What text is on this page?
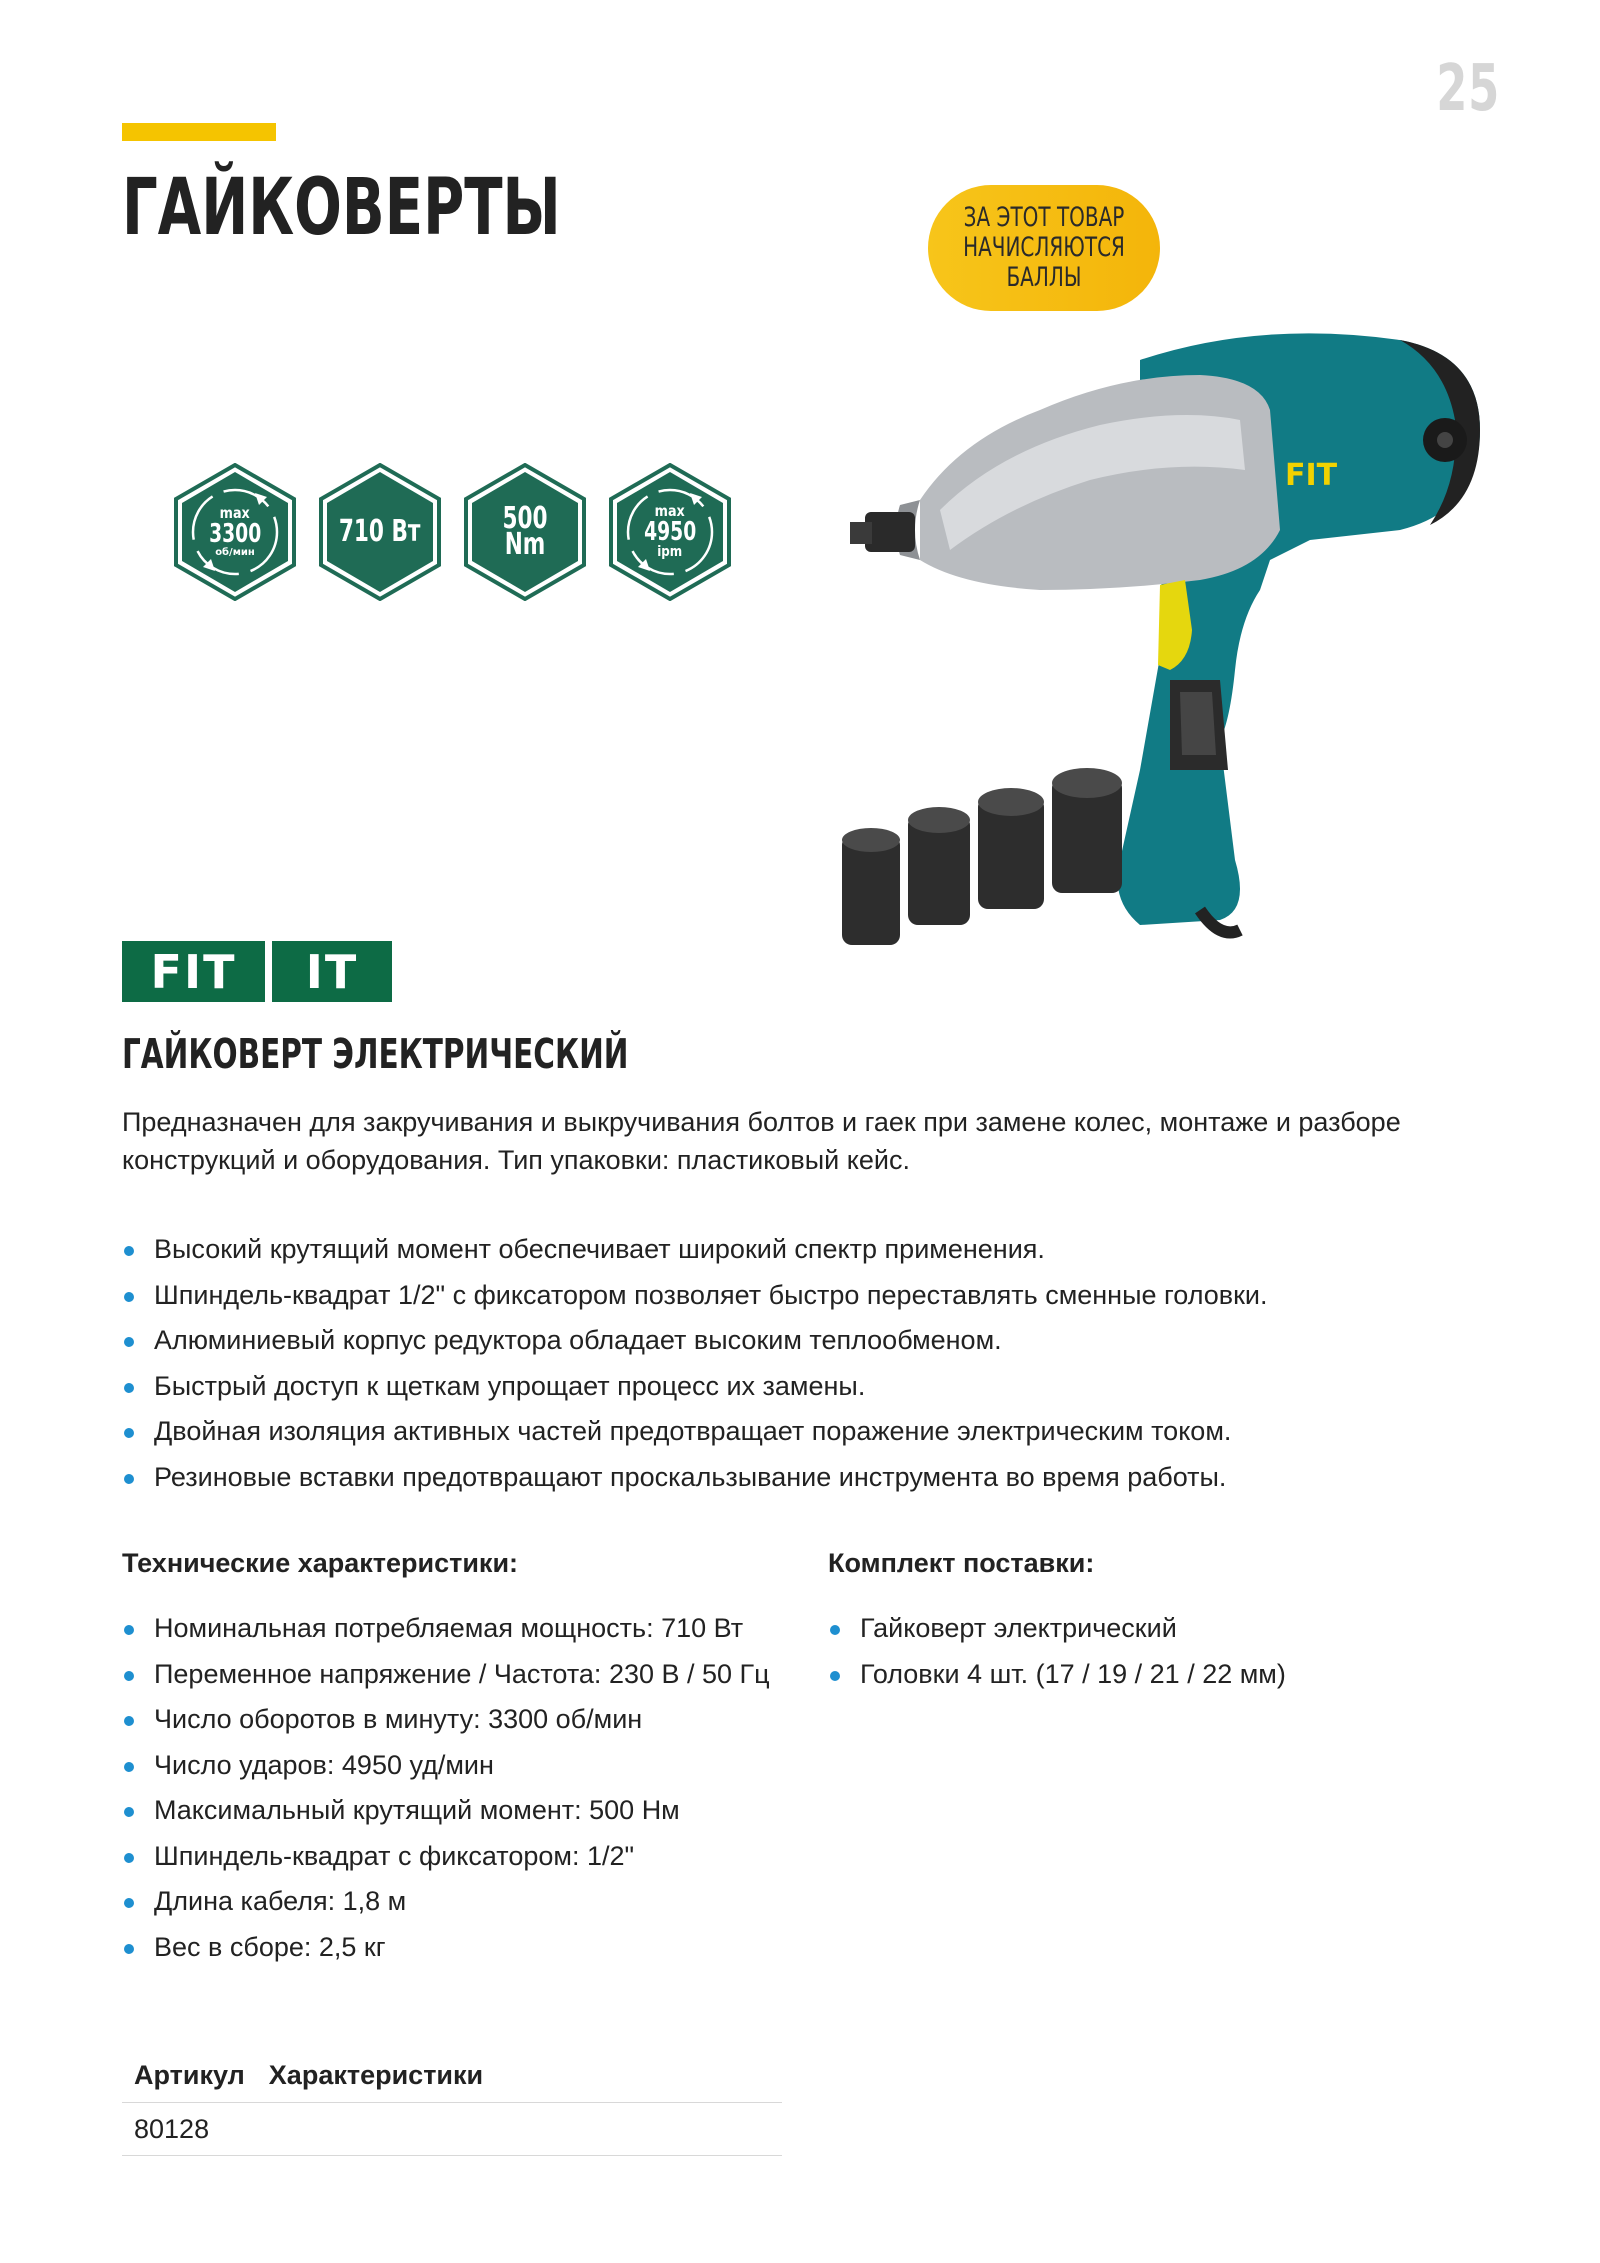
25
ГАЙКОВЕРТЫ	ЗА ЭТОТ ТОВАР
НАЧИСЛЯЮТСЯ
БАЛЛЫ
max
3300
об/мин
710 Вт	500 Nm
max
4950
ipm
FIT
FIT IT
ГАЙКОВЕРТ ЭЛЕКТРИЧЕСКИЙ
Предназначен для закручивания и выкручивания болтов и гаек при замене колес, монтаже и разборе конструкций и оборудования. Тип упаковки: пластиковый кейс.
Высокий крутящий момент обеспечивает широкий спектр применения.
Шпиндель-квадрат 1/2" с фиксатором позволяет быстро переставлять сменные головки.
Алюминиевый корпус редуктора обладает высоким теплообменом.
Быстрый доступ к щеткам упрощает процесс их замены.
Двойная изоляция активных частей предотвращает поражение электрическим током.
Резиновые вставки предотвращают проскальзывание инструмента во время работы.
Технические характеристики:
Номинальная потребляемая мощность: 710 Вт
Переменное напряжение / Частота: 230 В / 50 Гц
Число оборотов в минуту: 3300 об/мин
Число ударов: 4950 уд/мин
Максимальный крутящий момент: 500 Нм
Шпиндель-квадрат с фиксатором: 1/2"
Длина кабеля: 1,8 м
Вес в сборе: 2,5 кг
Комплект поставки:
Гайковерт электрический
Головки 4 шт. (17 / 19 / 21 / 22 мм)
Артикул	Характеристики
80128	
